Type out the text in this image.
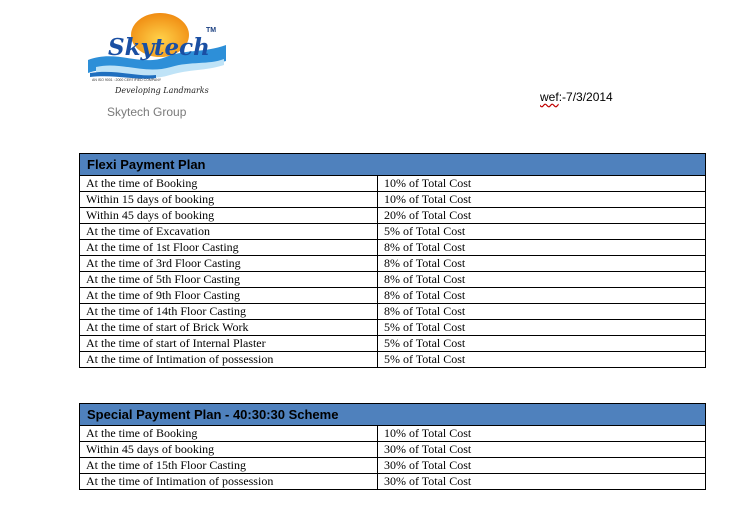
Skytech
TM
AN ISO 9001 : 2000 CERTIFIED COMPANY
Developing Landmarks
Skytech Group
wef:-7/3/2014
Flexi Payment Plan	
At the time of Booking	10% of Total Cost
Within 15 days of booking	10% of Total Cost
Within 45 days of booking	20% of Total Cost
At the time of Excavation	5% of Total Cost
At the time of 1st Floor Casting	8% of Total Cost
At the time of 3rd Floor Casting	8% of Total Cost
At the time of 5th Floor Casting	8% of Total Cost
At the time of 9th Floor Casting	8% of Total Cost
At the time of 14th Floor Casting	8% of Total Cost
At the time of start of Brick Work	5% of Total Cost
At the time of start of Internal Plaster	5% of Total Cost
At the time of Intimation of possession	5% of Total Cost
Special Payment Plan - 40:30:30 Scheme	
At the time of Booking	10% of Total Cost
Within 45 days of booking	30% of Total Cost
At the time of 15th Floor Casting	30% of Total Cost
At the time of Intimation of possession	30% of Total Cost
